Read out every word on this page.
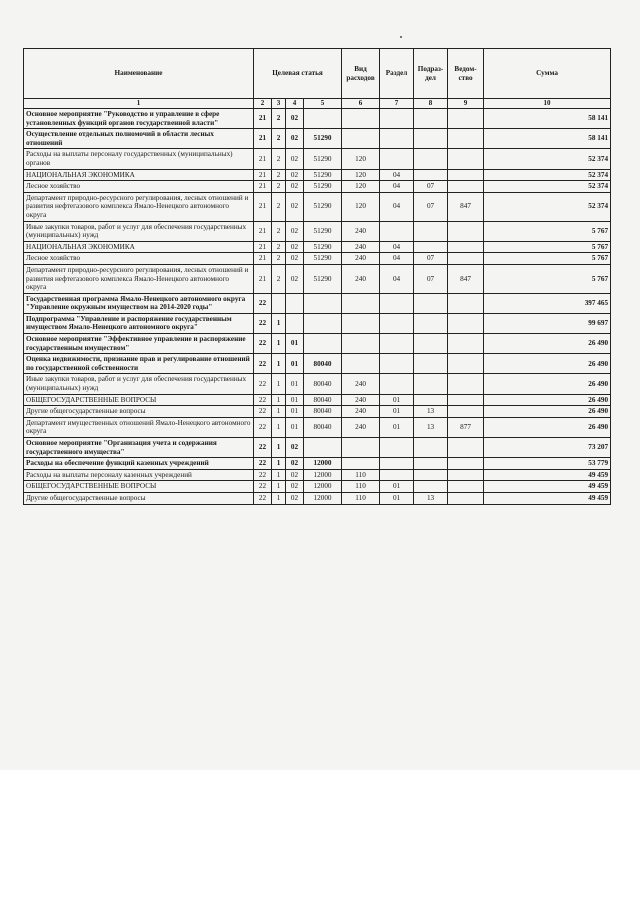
Наименование	Целевая статья				Вид расходов	Раздел	Подраз-дел	Ведом-ство	Сумма
1	2	3	4	5	6	7	8	9	10
Основное мероприятие "Руководство и управление в сфере установленных функций органов государственной власти"	21	2	02						58 141
Осуществление отдельных полномочий в области лесных отношений	21	2	02	51290					58 141
Расходы на выплаты персоналу государственных (муниципальных) органов	21	2	02	51290	120				52 374
НАЦИОНАЛЬНАЯ ЭКОНОМИКА	21	2	02	51290	120	04			52 374
Лесное хозяйство	21	2	02	51290	120	04	07		52 374
Департамент природно-ресурсного регулирования, лесных отношений и развития нефтегазового комплекса Ямало-Ненецкого автономного округа	21	2	02	51290	120	04	07	847	52 374
Иные закупки товаров, работ и услуг для обеспечения государственных (муниципальных) нужд	21	2	02	51290	240				5 767
НАЦИОНАЛЬНАЯ ЭКОНОМИКА	21	2	02	51290	240	04			5 767
Лесное хозяйство	21	2	02	51290	240	04	07		5 767
Департамент природно-ресурсного регулирования, лесных отношений и развития нефтегазового комплекса Ямало-Ненецкого автономного округа	21	2	02	51290	240	04	07	847	5 767
Государственная программа Ямало-Ненецкого автономного округа "Управление окружным имуществом на 2014-2020 годы"	22								397 465
Подпрограмма "Управление и распоряжение государственным имуществом Ямало-Ненецкого автономного округа"	22	1							99 697
Основное мероприятие "Эффективное управление и распоряжение государственным имуществом"	22	1	01						26 490
Оценка недвижимости, признание прав и регулирование отношений по государственной собственности	22	1	01	80040					26 490
Иные закупки товаров, работ и услуг для обеспечения государственных (муниципальных) нужд	22	1	01	80040	240				26 490
ОБЩЕГОСУДАРСТВЕННЫЕ ВОПРОСЫ	22	1	01	80040	240	01			26 490
Другие общегосударственные вопросы	22	1	01	80040	240	01	13		26 490
Департамент имущественных отношений Ямало-Ненецкого автономного округа	22	1	01	80040	240	01	13	877	26 490
Основное мероприятие "Организация учета и содержания государственного имущества"	22	1	02						73 207
Расходы на обеспечение функций казенных учреждений	22	1	02	12000					53 779
Расходы на выплаты персоналу казенных учреждений	22	1	02	12000	110				49 459
ОБЩЕГОСУДАРСТВЕННЫЕ ВОПРОСЫ	22	1	02	12000	110	01			49 459
Другие общегосударственные вопросы	22	1	02	12000	110	01	13		49 459
